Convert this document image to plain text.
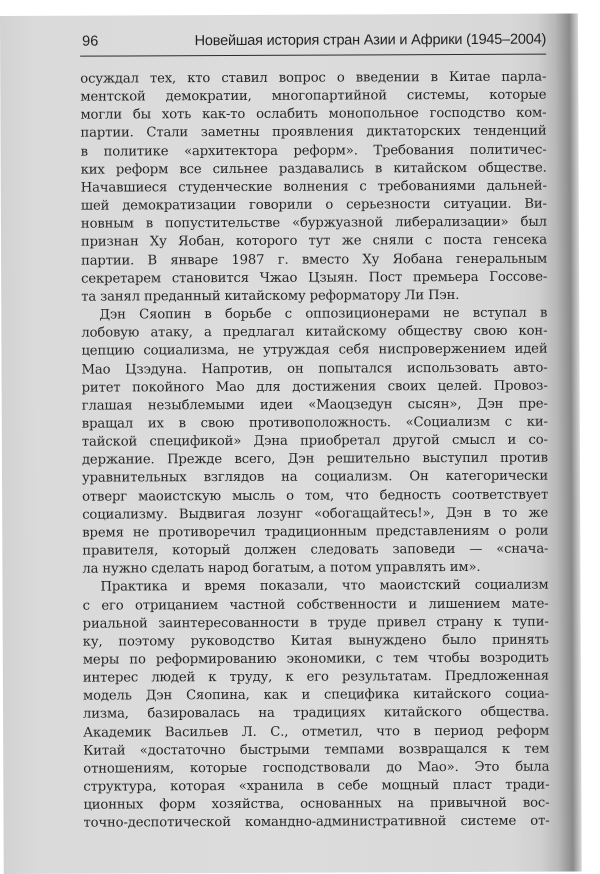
96	Новейшая история стран Азии и Африки (1945–2004)
осуждал тех, кто ставил вопрос о введении в Китае парла-
ментской демократии, многопартийной системы, которые
могли бы хоть как-то ослабить монопольное господство ком-
партии. Стали заметны проявления диктаторских тенденций
в политике «архитектора реформ». Требования политичес-
ких реформ все сильнее раздавались в китайском обществе.
Начавшиеся студенческие волнения с требованиями дальней-
шей демократизации говорили о серьезности ситуации. Ви-
новным в попустительстве «буржуазной либерализации» был
признан Ху Яобан, которого тут же сняли с поста генсека
партии. В январе 1987 г. вместо Ху Яобана генеральным
секретарем становится Чжао Цзыян. Пост премьера Госсове-
та занял преданный китайскому реформатору Ли Пэн.
Дэн Сяопин в борьбе с оппозиционерами не вступал в
лобовую атаку, а предлагал китайскому обществу свою кон-
цепцию социализма, не утруждая себя ниспровержением идей
Мао Цзэдуна. Напротив, он попытался использовать авто-
ритет покойного Мао для достижения своих целей. Провоз-
глашая незыблемыми идеи «Маоцзедун сысян», Дэн пре-
вращал их в свою противоположность. «Социализм с ки-
тайской спецификой» Дэна приобретал другой смысл и со-
держание. Прежде всего, Дэн решительно выступил против
уравнительных взглядов на социализм. Он категорически
отверг маоистскую мысль о том, что бедность соответствует
социализму. Выдвигая лозунг «обогащайтесь!», Дэн в то же
время не противоречил традиционным представлениям о роли
правителя, который должен следовать заповеди — «снача-
ла нужно сделать народ богатым, а потом управлять им».
Практика и время показали, что маоистский социализм
с его отрицанием частной собственности и лишением мате-
риальной заинтересованности в труде привел страну к тупи-
ку, поэтому руководство Китая вынуждено было принять
меры по реформированию экономики, с тем чтобы возродить
интерес людей к труду, к его результатам. Предложенная
модель Дэн Сяопина, как и специфика китайского социа-
лизма, базировалась на традициях китайского общества.
Академик Васильев Л. С., отметил, что в период реформ
Китай «достаточно быстрыми темпами возвращался к тем
отношениям, которые господствовали до Мао». Это была
структура, которая «хранила в себе мощный пласт тради-
ционных форм хозяйства, основанных на привычной вос-
точно-деспотической командно-административной системе от-
